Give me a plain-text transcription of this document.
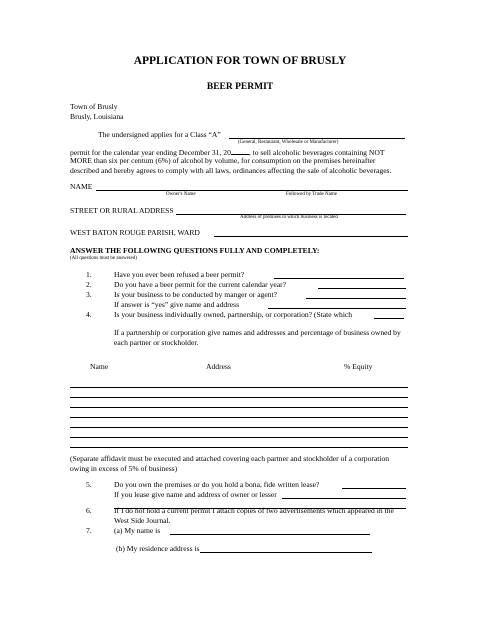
APPLICATION FOR TOWN OF BRUSLY
BEER PERMIT
Town of Brusly
Brusly, Louisiana
The undersigned applies for a Class “A”
(General, Restaurant, Wholesale or Manufacturer)
permit for the calendar year ending December 31, 20 , to sell alcoholic beverages containing NOT
MORE than six per centum (6%) of alcohol by volume, for consumption on the premises hereinafter
described and hereby agrees to comply with all laws, ordinances affecting the sale of alcoholic beverages.
NAME
Owner's Name	Followed by Trade Name
STREET OR RURAL ADDRESS
Address of premises in which business is located
WEST BATON ROUGE PARISH, WARD
ANSWER THE FOLLOWING QUESTIONS FULLY AND COMPLETELY:
(All questions must be answered)
1.	Have you ever been refused a beer permit?
2.	Do you have a beer permit for the current calendar year?
3.	Is your business to be conducted by manger or agent?
If answer is “yes” give name and address
4.	Is your business individually owned, partnership, or corporation? (State which
If a partnership or corporation give names and addresses and percentage of business owned by
each partner or stockholder.
Name	Address	% Equity
(Separate affidavit must be executed and attached covering each partner and stockholder of a corporation
owing in excess of 5% of business)
5.	Do you own the premises or do you hold a bona, fide written lease?
If you lease give name and address of owner or lesser
6.	If I do not hold a current permit I attach copies of two advertisements which appeared in the
West Side Journal.
7.	(a) My name is
(b) My residence address is
